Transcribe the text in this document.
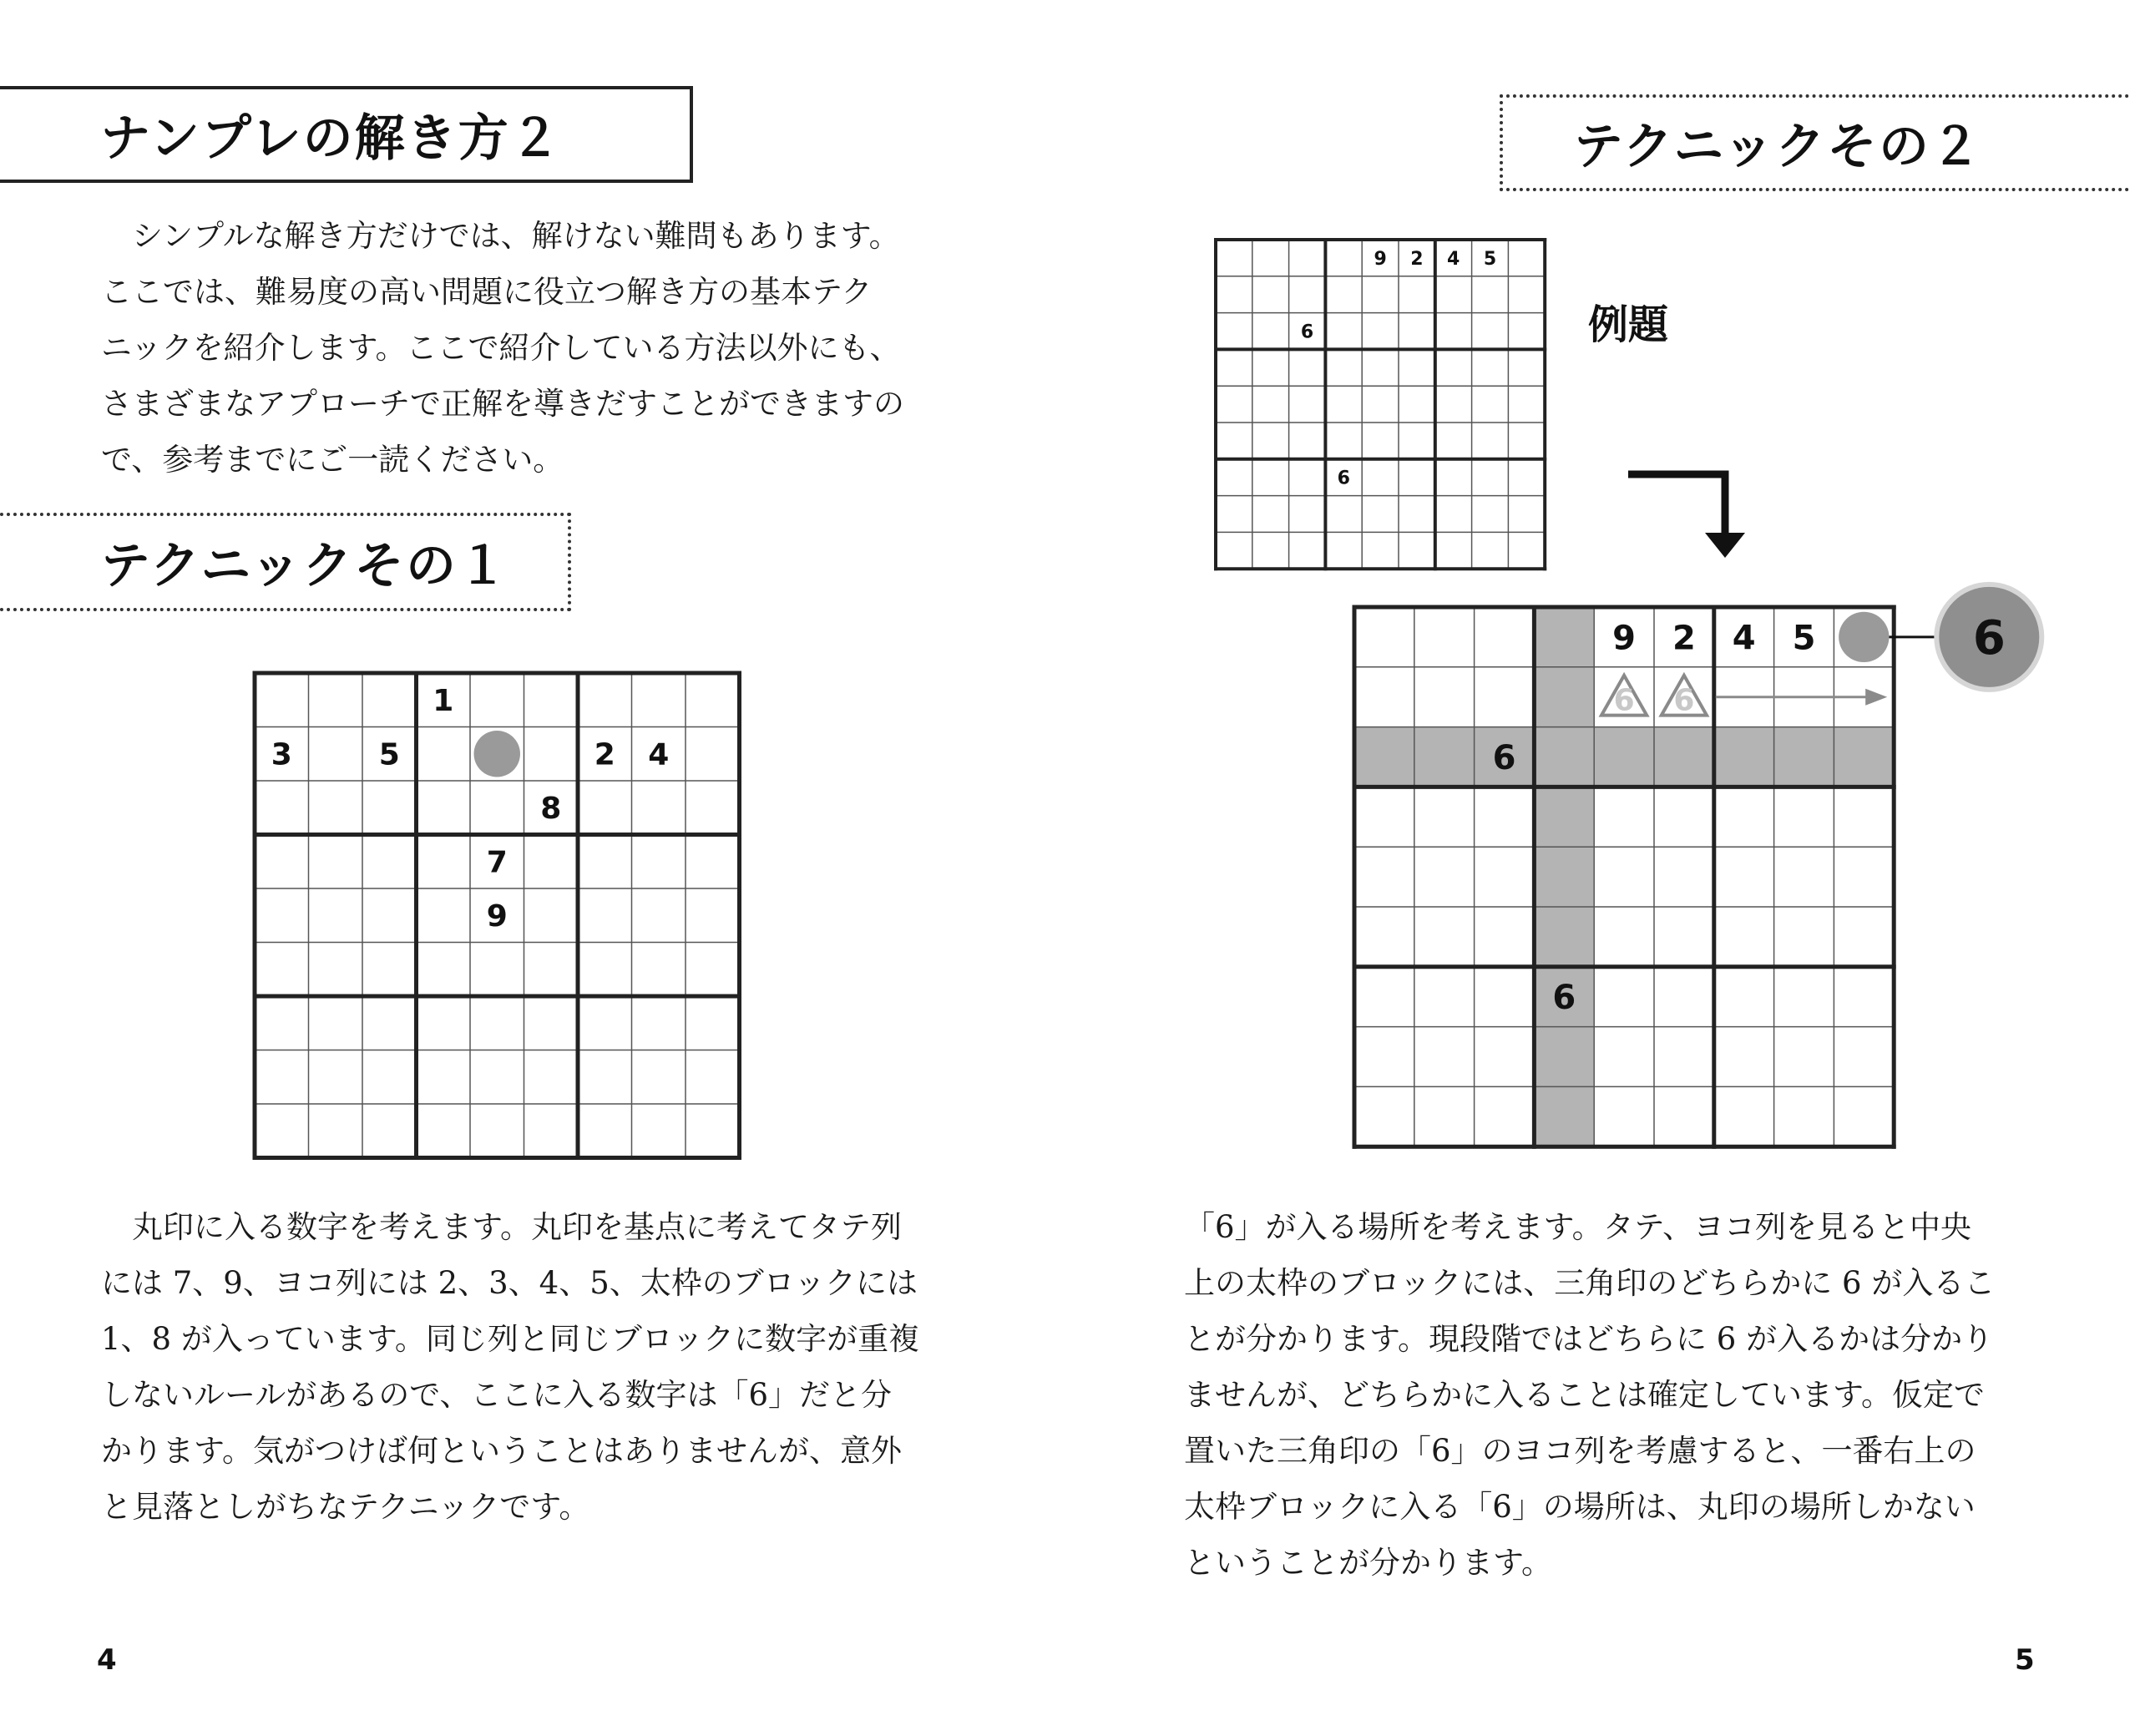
ナンプレの解き方２
　シンプルな解き方だけでは、解けない難問もあります。
ここでは、難易度の高い問題に役立つ解き方の基本テク
ニックを紹介します。ここで紹介している方法以外にも、
さまざまなアプローチで正解を導きだすことができますの
で、参考までにご一読ください。
テクニックその１
1
3	5	2 4
8
7
9
　丸印に入る数字を考えます。丸印を基点に考えてタテ列
には 7、9、ヨコ列には 2、3、4、5、太枠のブロックには
1、8 が入っています。同じ列と同じブロックに数字が重複
しないルールがあるので、ここに入る数字は「6」だと分
かります。気がつけば何ということはありませんが、意外
と見落としがちなテクニックです。
4
テクニックその２
9 2 4 5
6
6
例題
9 2 4 5
6
6
6 6
6
「6」が入る場所を考えます。タテ、ヨコ列を見ると中央
上の太枠のブロックには、三角印のどちらかに 6 が入るこ
とが分かります。現段階ではどちらに 6 が入るかは分かり
ませんが、どちらかに入ることは確定しています。仮定で
置いた三角印の「6」のヨコ列を考慮すると、一番右上の
太枠ブロックに入る「6」の場所は、丸印の場所しかない
ということが分かります。
5
